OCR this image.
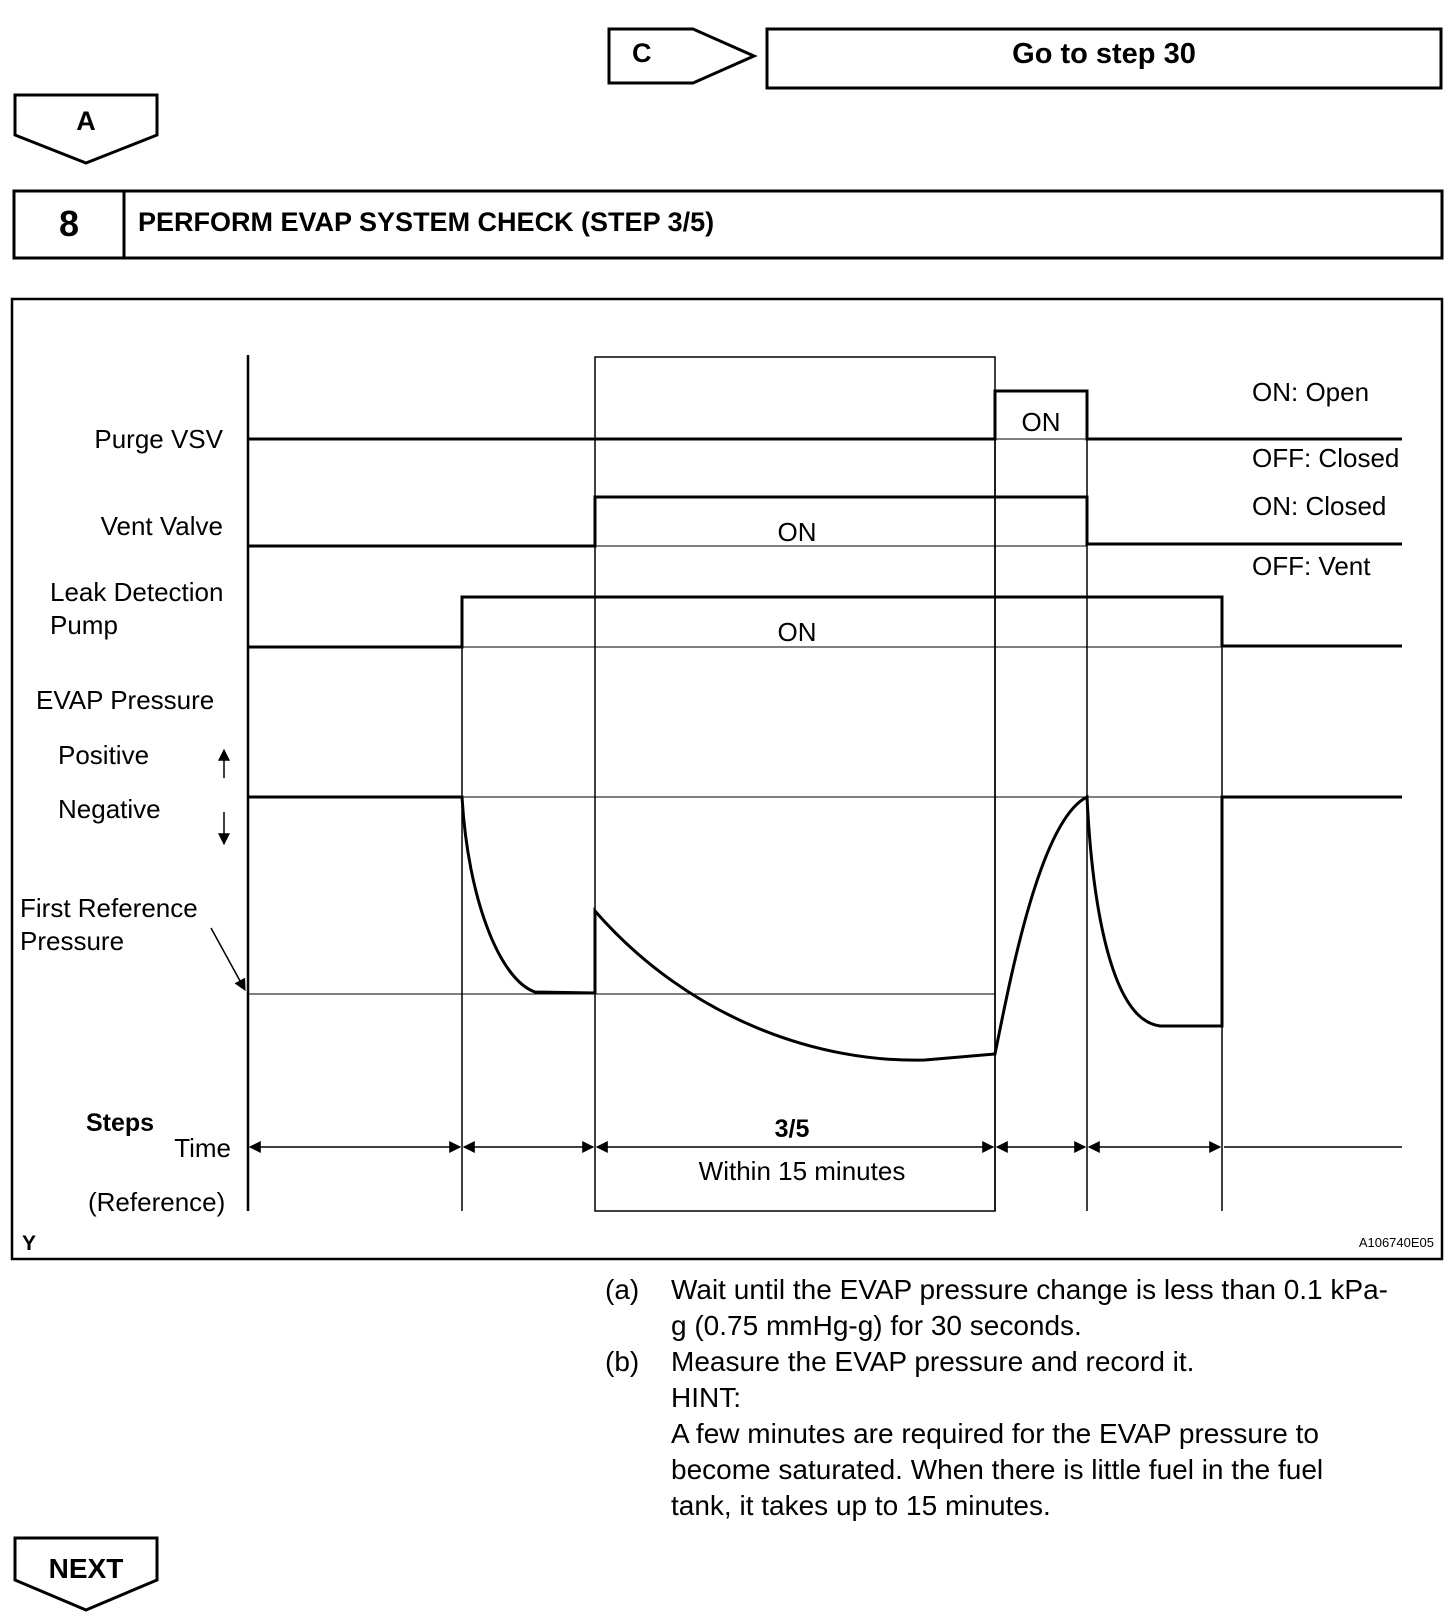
C	Go to step 30
A
8	PERFORM EVAP SYSTEM CHECK (STEP 3/5)
Purge VSV
Vent Valve
Leak Detection
Pump
EVAP Pressure
Positive
Negative
First Reference
Pressure
Steps
Time
(Reference)
ON: Open
OFF: Closed
ON: Closed
OFF: Vent
ON
ON
ON
3/5
Within 15 minutes
Y	A106740E05
(a) Wait until the EVAP pressure change is less than 0.1 kPa-g (0.75 mmHg-g) for 30 seconds.
(b) Measure the EVAP pressure and record it.
HINT:
A few minutes are required for the EVAP pressure to become saturated. When there is little fuel in the fuel tank, it takes up to 15 minutes.
NEXT
